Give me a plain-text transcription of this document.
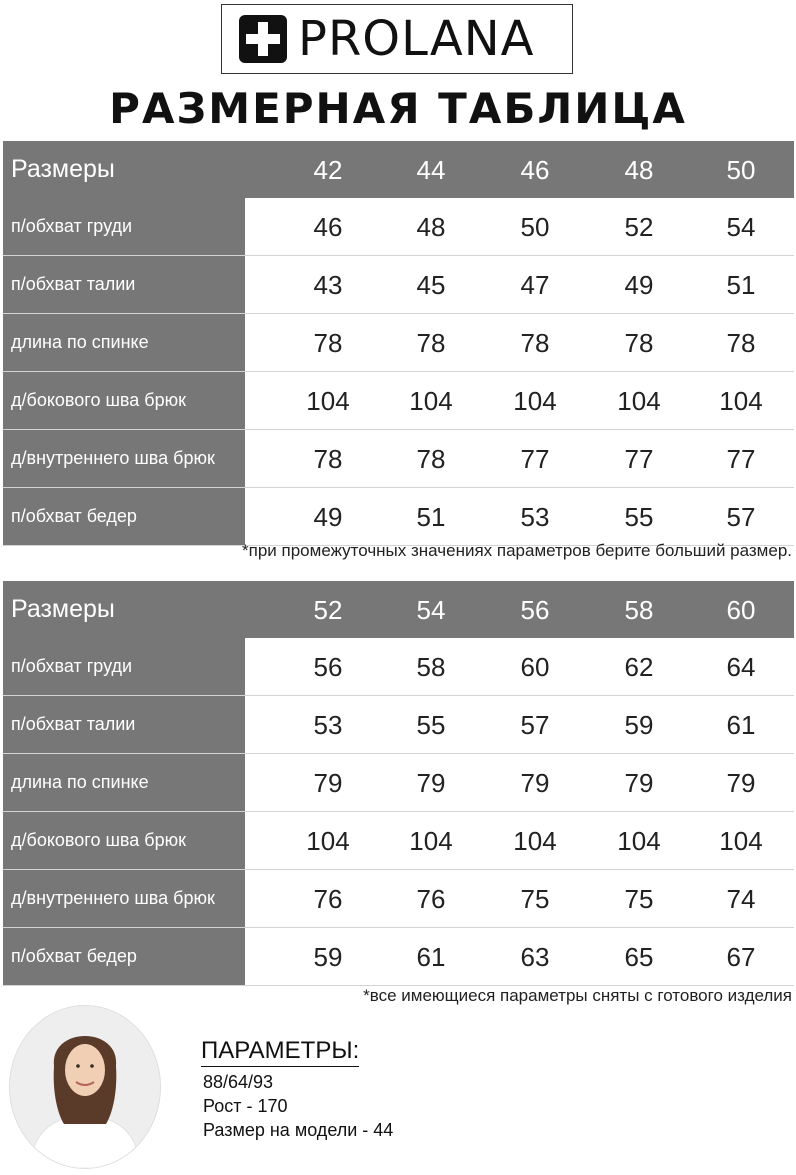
PROLANA
РАЗМЕРНАЯ ТАБЛИЦА
Размеры	42	44	46	48	50
п/обхват груди	46	48	50	52	54
п/обхват талии	43	45	47	49	51
длина по спинке	78	78	78	78	78
д/бокового шва брюк	104 104 104 104 104
д/внутреннего шва брюк	78	78	77	77	77
п/обхват бедер	49	51	53	55	57
*при промежуточных значениях параметров берите больший размер.
Размеры	52	54	56	58	60
п/обхват груди	56	58	60	62	64
п/обхват талии	53	55	57	59	61
длина по спинке	79	79	79	79	79
д/бокового шва брюк	104 104 104 104 104
д/внутреннего шва брюк	76	76	75	75	74
п/обхват бедер	59	61	63	65	67
*все имеющиеся параметры сняты с готового изделия
ПАРАМЕТРЫ:
88/64/93
Рост - 170
Размер на модели - 44
